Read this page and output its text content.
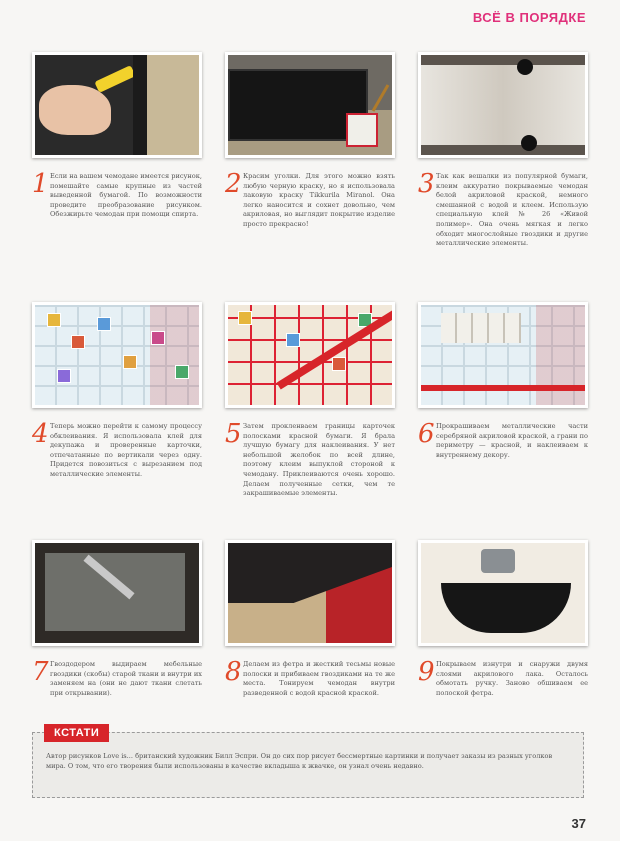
ВСЁ В ПОРЯДКЕ
1 Если на вашем чемодане имеется рисунок, помешайте самые крупные из частей выведенной бумагой. По возможности проведите преобразование рисунком. Обезжирьте чемодан при помощи спирта.
2 Красим уголки. Для этого можно взять любую черную краску, но я использовала лаковую краску Tikkurila Miranol. Она легко наносится и сохнет довольно, чем акриловая, но выглядит покрытие изделие просто прекрасно!
3 Так как вешалки из популярной бумаги, клеим аккуратно покрываемые чемодан белой акриловой краской, немного смешанной с водой и клеем. Использую специальную клей № 26 «Живой полимер». Она очень мягкая и легко обходит многослойные гвоздики и другие металлические элементы.
4 Теперь можно перейти к самому процессу обклеивания. Я использовала клей для декупажа и проверенные карточки, отпечатанные по вертикали через одну. Придется повозиться с вырезанием под металлические элементы.
5 Затем прокленваем границы карточек полосками красной бумаги. Я брала лучшую бумагу для наклеивания. У нет небольшой желобок по всей длине, поэтому клеим выпуклой стороной к чемодану. Приклеиваются очень хорошо. Делаем полученные сетки, чем те закрашиваемые элементы.
6 Прокрашиваем металлические части серебряной акриловой краской, а грани по периметру — красной, и наклеиваем к внутреннему декору.
7 Гвоздодером выдираем мебельные гвоздики (скобы) старой ткани и внутри их заменяем на (они не дают ткани слетать при открывании).
8 Делаем из фетра и жесткий тесьмы новые полоски и прибиваем гвоздиками на те же места. Тонируем чемодан внутри разведенной с водой красной краской.
9 Покрываем изнутри и снаружи двумя слоями акрилового лака. Осталось обмотать ручку. Заново обшиваем ее полоской фетра.
КСТАТИ
Автор рисунков Love is... британский художник Билл Эспри. Он до сих пор рисует бессмертные картинки и получает заказы из разных уголков мира. О том, что его творения были использованы в качестве вкладыша к жвачке, он узнал очень недавно.
37
